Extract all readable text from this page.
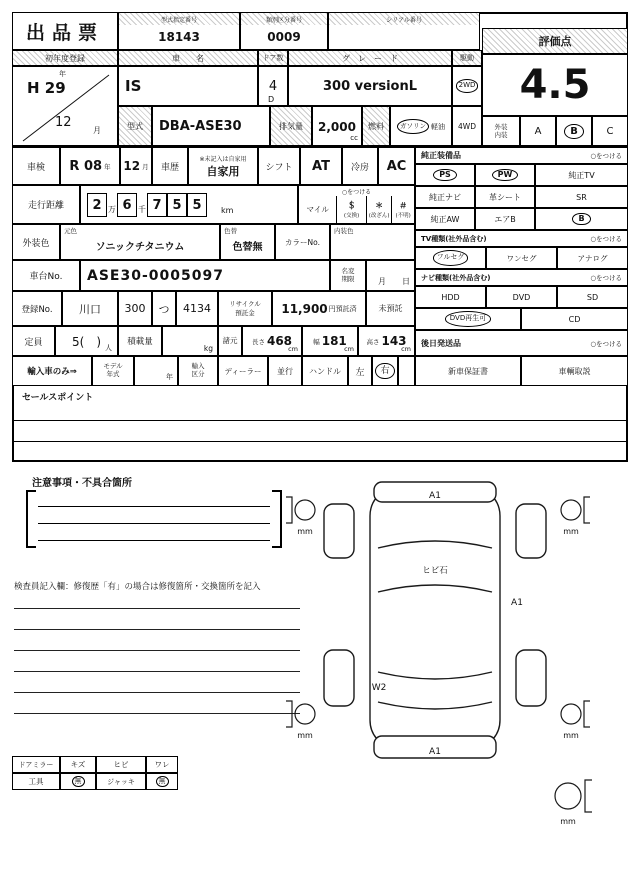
出品票
型式指定番号
18143
類別区分番号
0009
シリアル番号
評価点
4.5
外装
内装	A	B	C
初年度登録	車　　名	ドア数	グ　レ　ー　ド	駆動
年
H 29
12
月
IS	4
D
300 versionL	2WD
4WD
型式	DBA-ASE30	排気量	2,000
cc
燃料	ガソリン 軽油
車検	R 08 年 12 月	車歴
※未記入は自家用
自家用	シフト	AT	冷房	AC
走行距離	2 万 6 千 7 5 5	km
○をつける
マイル ＄
(交換)
＊
(改ざん)
＃
(不明)
外装色
元色
ソニックチタニウム
色替
色替無	カラーNo.
内装色
車台No.	ASE30-0005097	名変
期限	月　　日
登録No.	川口	300	つ	4134	リサイクル
預託金 11,900 円預託済	未預託
定員	5(　) 人
積載量
kg
諸元	長さ 468
cm
幅 181
cm
高さ 143
cm
輸入車のみ⇒
モデル
年式	年
輸入
区分	ディーラー	並行	ハンドル	左	右
純正装備品	○をつける
PS	PW	純正TV
純正ナビ	革シート	SR
純正AW	エアB	B
TV種類(社外品含む)	○をつける
フルセグ	ワンセグ	アナログ
ナビ種類(社外品含む)	○をつける
HDD	DVD	SD
DVD再生可	CD
後日発送品	○をつける
新車保証書	車輌取説
セールスポイント
注意事項・不具合箇所
検査員記入欄：修復歴「有」の場合は修復箇所・交換箇所を記入
ドアミラー	キズ	ヒビ	ワレ
工具	無	ジャッキ	無
A1
ヒビ石
A1
W2
A1
mm	mm
mm	mm
mm
